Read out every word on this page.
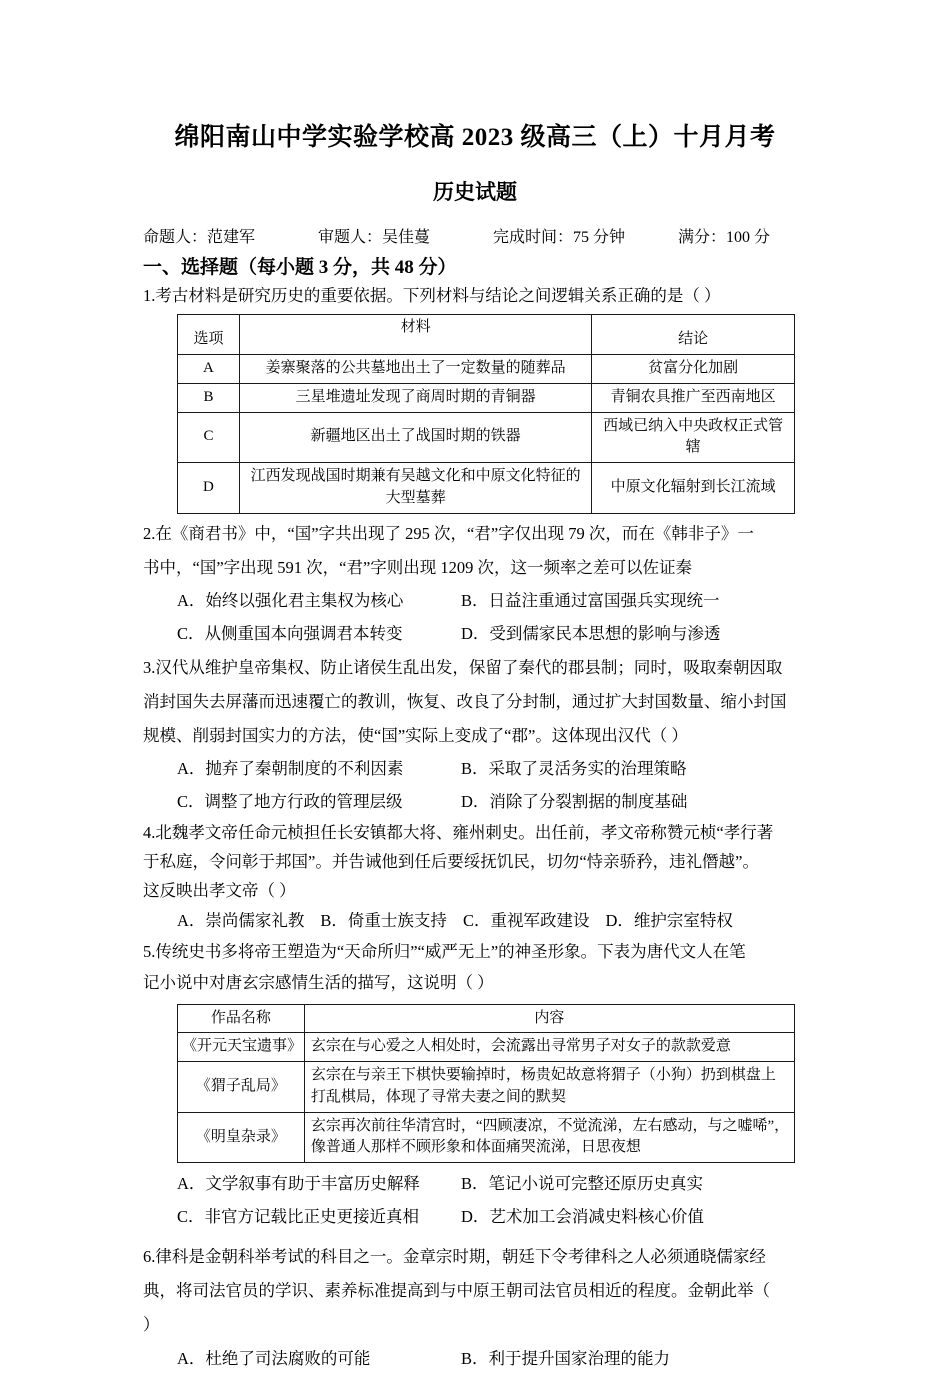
绵阳南山中学实验学校高 2023 级高三（上）十月月考
历史试题
命题人：范建军	审题人：吴佳蔓	完成时间：75 分钟	满分：100 分
一、选择题（每小题 3 分，共 48 分）
1.考古材料是研究历史的重要依据。下列材料与结论之间逻辑关系正确的是（ ）
选项	材料	结论
A	姜寨聚落的公共墓地出土了一定数量的随葬品	贫富分化加剧
B	三星堆遗址发现了商周时期的青铜器	青铜农具推广至西南地区
C	新疆地区出土了战国时期的铁器	西域已纳入中央政权正式管辖
D	江西发现战国时期兼有吴越文化和中原文化特征的大型墓葬	中原文化辐射到长江流域
2.在《商君书》中，“国”字共出现了 295 次，“君”字仅出现 79 次，而在《韩非子》一
书中，“国”字出现 591 次，“君”字则出现 1209 次，这一频率之差可以佐证秦
A．始终以强化君主集权为核心	B．日益注重通过富国强兵实现统一
C．从侧重国本向强调君本转变	D．受到儒家民本思想的影响与渗透
3.汉代从维护皇帝集权、防止诸侯生乱出发，保留了秦代的郡县制；同时，吸取秦朝因取
消封国失去屏藩而迅速覆亡的教训，恢复、改良了分封制，通过扩大封国数量、缩小封国
规模、削弱封国实力的方法，使“国”实际上变成了“郡”。这体现出汉代（ ）
A．抛弃了秦朝制度的不利因素	B．采取了灵活务实的治理策略
C．调整了地方行政的管理层级	D．消除了分裂割据的制度基础
4.北魏孝文帝任命元桢担任长安镇都大将、雍州刺史。出任前，孝文帝称赞元桢“孝行著
于私庭，令问彰于邦国”。并告诫他到任后要绥抚饥民，切勿“恃亲骄矜，违礼僭越”。
这反映出孝文帝（ ）
A．崇尚儒家礼教 B．倚重士族支持 C．重视军政建设 D．维护宗室特权
5.传统史书多将帝王塑造为“天命所归”“威严无上”的神圣形象。下表为唐代文人在笔
记小说中对唐玄宗感情生活的描写，这说明（ ）
作品名称	内容
《开元天宝遗事》	玄宗在与心爱之人相处时，会流露出寻常男子对女子的款款爱意
《猬子乱局》	玄宗在与亲王下棋快要输掉时，杨贵妃故意将猬子（小狗）扔到棋盘上打乱棋局，体现了寻常夫妻之间的默契
《明皇杂录》	玄宗再次前往华清宫时，“四顾凄凉，不觉流涕，左右感动，与之嘘唏”，像普通人那样不顾形象和体面痛哭流涕，日思夜想
A．文学叙事有助于丰富历史解释	B．笔记小说可完整还原历史真实
C．非官方记载比正史更接近真相	D．艺术加工会消减史料核心价值
6.律科是金朝科举考试的科目之一。金章宗时期，朝廷下令考律科之人必须通晓儒家经
典，将司法官员的学识、素养标准提高到与中原王朝司法官员相近的程度。金朝此举（
）
A．杜绝了司法腐败的可能	B．利于提升国家治理的能力
